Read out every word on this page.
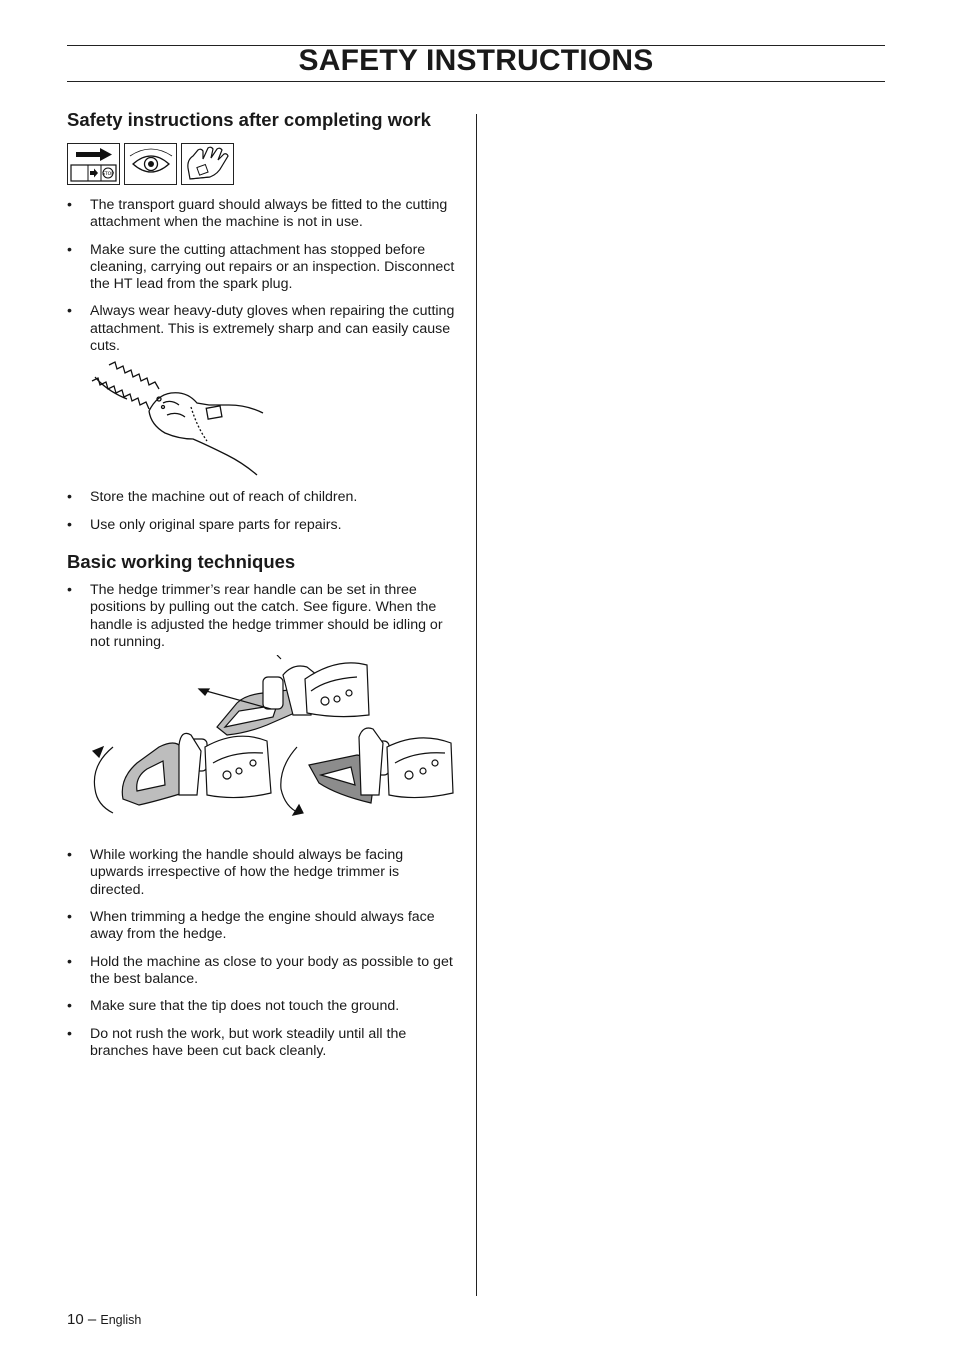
SAFETY INSTRUCTIONS
Safety instructions after completing work
STOP
• The transport guard should always be fitted to the cutting attachment when the machine is not in use.
• Make sure the cutting attachment has stopped before cleaning, carrying out repairs or an inspection. Disconnect the HT lead from the spark plug.
• Always wear heavy-duty gloves when repairing the cutting attachment. This is extremely sharp and can easily cause cuts.
• Store the machine out of reach of children.
• Use only original spare parts for repairs.
Basic working techniques
• The hedge trimmer’s rear handle can be set in three positions by pulling out the catch. See figure. When the handle is adjusted the hedge trimmer should be idling or not running.
• While working the handle should always be facing upwards irrespective of how the hedge trimmer is directed.
• When trimming a hedge the engine should always face away from the hedge.
• Hold the machine as close to your body as possible to get the best balance.
• Make sure that the tip does not touch the ground.
• Do not rush the work, but work steadily until all the branches have been cut back cleanly.
10 – English
